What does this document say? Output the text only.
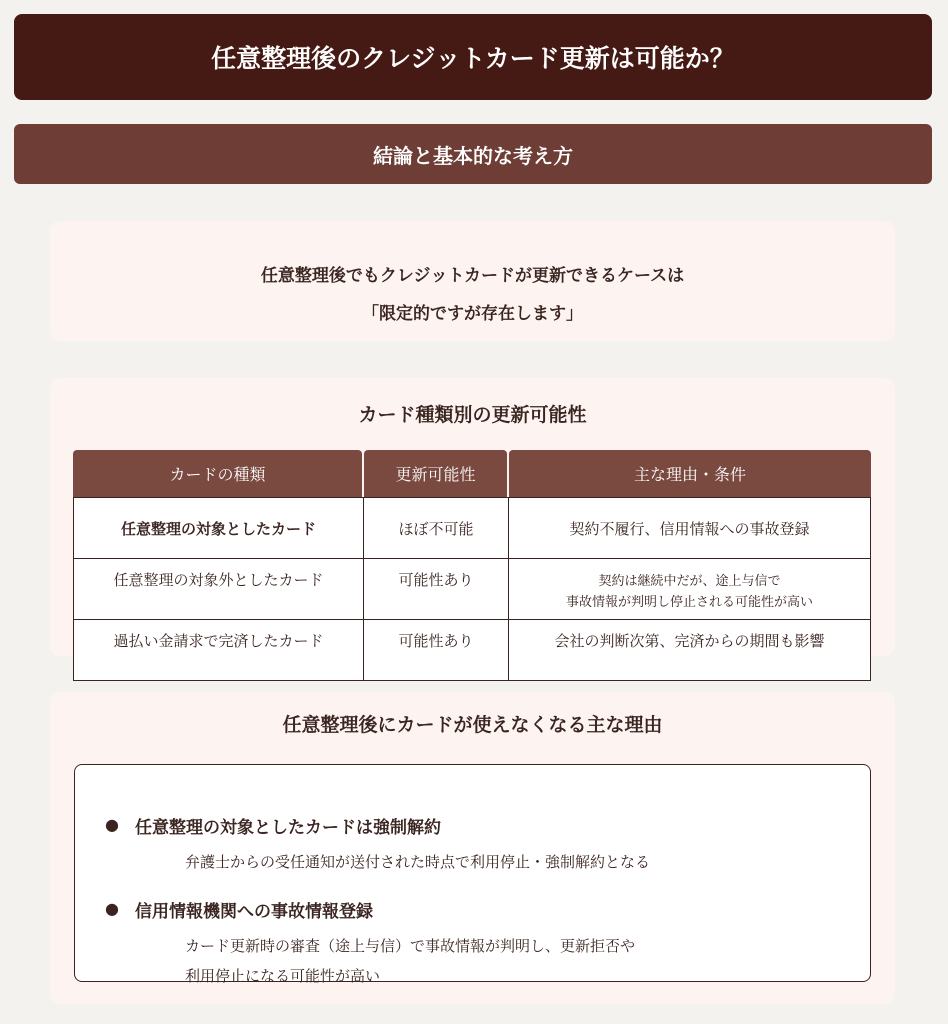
任意整理後のクレジットカード更新は可能か？
結論と基本的な考え方
任意整理後でもクレジットカードが更新できるケースは
「限定的ですが存在します」
カード種類別の更新可能性
カードの種類	更新可能性	主な理由・条件
任意整理の対象としたカード	ほぼ不可能	契約不履行、信用情報への事故登録
任意整理の対象外としたカード	可能性あり	契約は継続中だが、途上与信で
事故情報が判明し停止される可能性が高い
過払い金請求で完済したカード	可能性あり	会社の判断次第、完済からの期間も影響
任意整理後にカードが使えなくなる主な理由
● 任意整理の対象としたカードは強制解約
弁護士からの受任通知が送付された時点で利用停止・強制解約となる
● 信用情報機関への事故情報登録
カード更新時の審査（途上与信）で事故情報が判明し、更新拒否や
利用停止になる可能性が高い
